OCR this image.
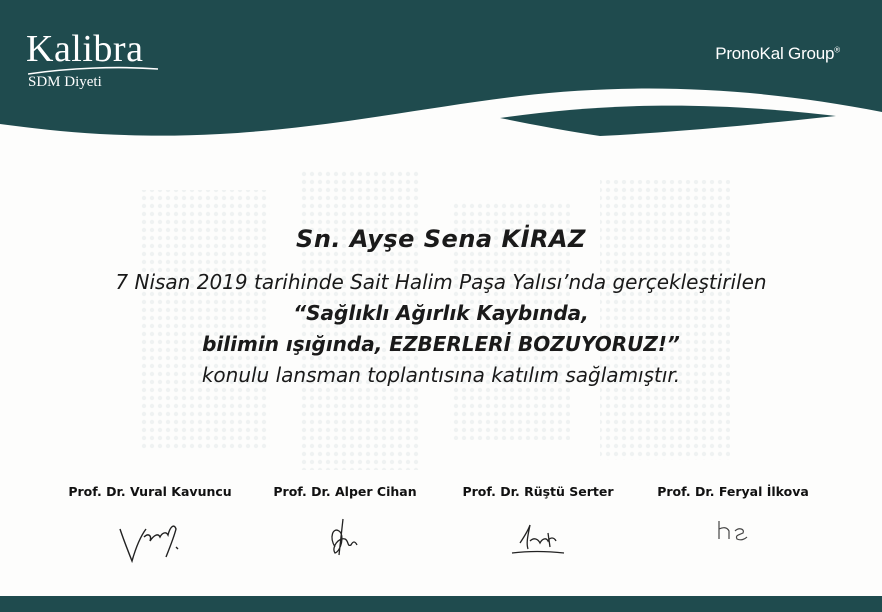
Kalibra
SDM Diyeti
PronoKal Group®

Sn. Ayşe Sena KİRAZ

7 Nisan 2019 tarihinde Sait Halim Paşa Yalısı’nda gerçekleştirilen

“Sağlıklı Ağırlık Kaybında,

bilimin ışığında, EZBERLERİ BOZUYORUZ!”

konulu lansman toplantısına katılım sağlamıştır.

Prof. Dr. Vural Kavuncu	Prof. Dr. Alper Cihan	Prof. Dr. Rüştü Serter	Prof. Dr. Feryal İlkova
